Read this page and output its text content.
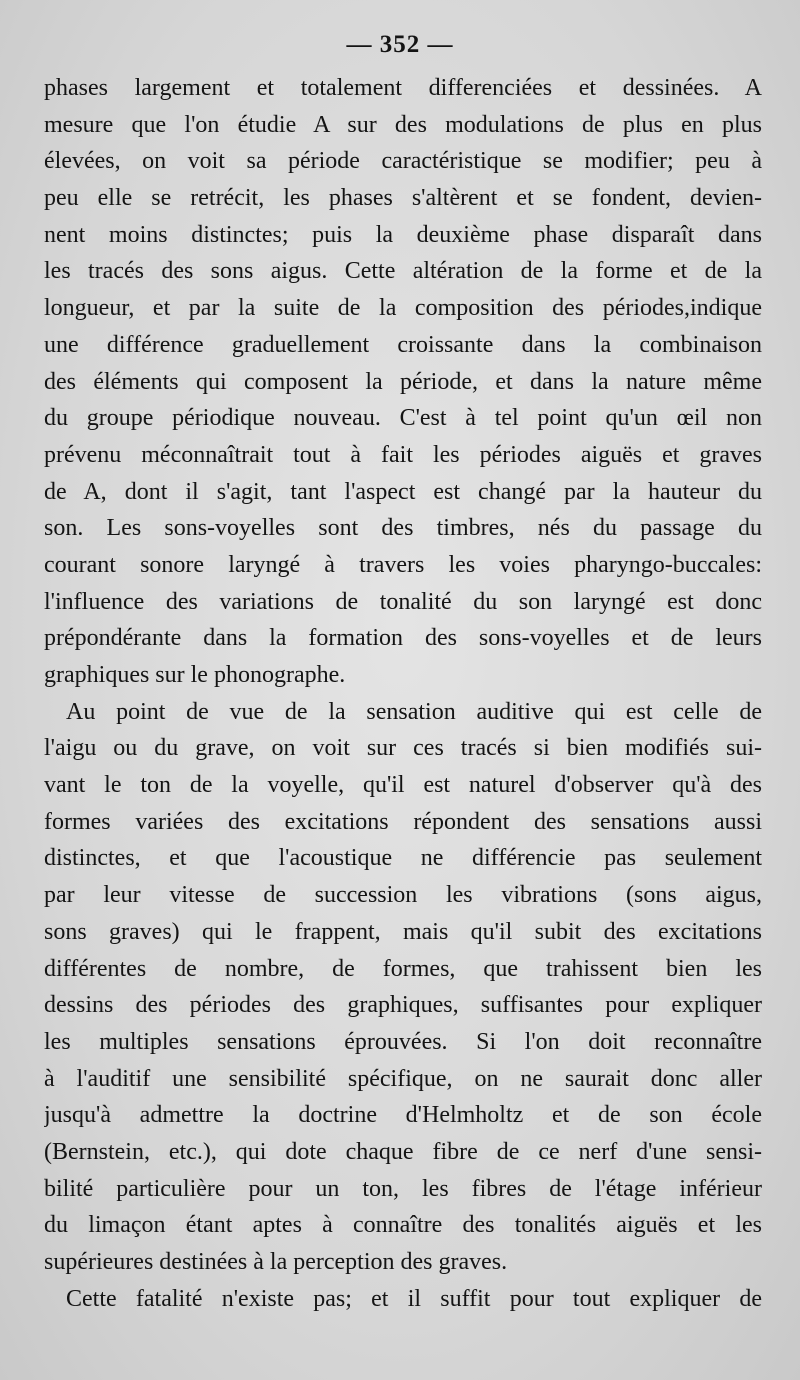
— 352 —
phases largement et totalement differenciées et dessinées. A
mesure que l'on étudie A sur des modulations de plus en plus
élevées, on voit sa période caractéristique se modifier; peu à
peu elle se retrécit, les phases s'altèrent et se fondent, devien-
nent moins distinctes; puis la deuxième phase disparaît dans
les tracés des sons aigus. Cette altération de la forme et de la
longueur, et par la suite de la composition des périodes,indique
une différence graduellement croissante dans la combinaison
des éléments qui composent la période, et dans la nature même
du groupe périodique nouveau. C'est à tel point qu'un œil non
prévenu méconnaîtrait tout à fait les périodes aiguës et graves
de A, dont il s'agit, tant l'aspect est changé par la hauteur du
son. Les sons-voyelles sont des timbres, nés du passage du
courant sonore laryngé à travers les voies pharyngo-buccales:
l'influence des variations de tonalité du son laryngé est donc
prépondérante dans la formation des sons-voyelles et de leurs
graphiques sur le phonographe.
Au point de vue de la sensation auditive qui est celle de
l'aigu ou du grave, on voit sur ces tracés si bien modifiés sui-
vant le ton de la voyelle, qu'il est naturel d'observer qu'à des
formes variées des excitations répondent des sensations aussi
distinctes, et que l'acoustique ne différencie pas seulement
par leur vitesse de succession les vibrations (sons aigus,
sons graves) qui le frappent, mais qu'il subit des excitations
différentes de nombre, de formes, que trahissent bien les
dessins des périodes des graphiques, suffisantes pour expliquer
les multiples sensations éprouvées. Si l'on doit reconnaître
à l'auditif une sensibilité spécifique, on ne saurait donc aller
jusqu'à admettre la doctrine d'Helmholtz et de son école
(Bernstein, etc.), qui dote chaque fibre de ce nerf d'une sensi-
bilité particulière pour un ton, les fibres de l'étage inférieur
du limaçon étant aptes à connaître des tonalités aiguës et les
supérieures destinées à la perception des graves.
Cette fatalité n'existe pas; et il suffit pour tout expliquer de
